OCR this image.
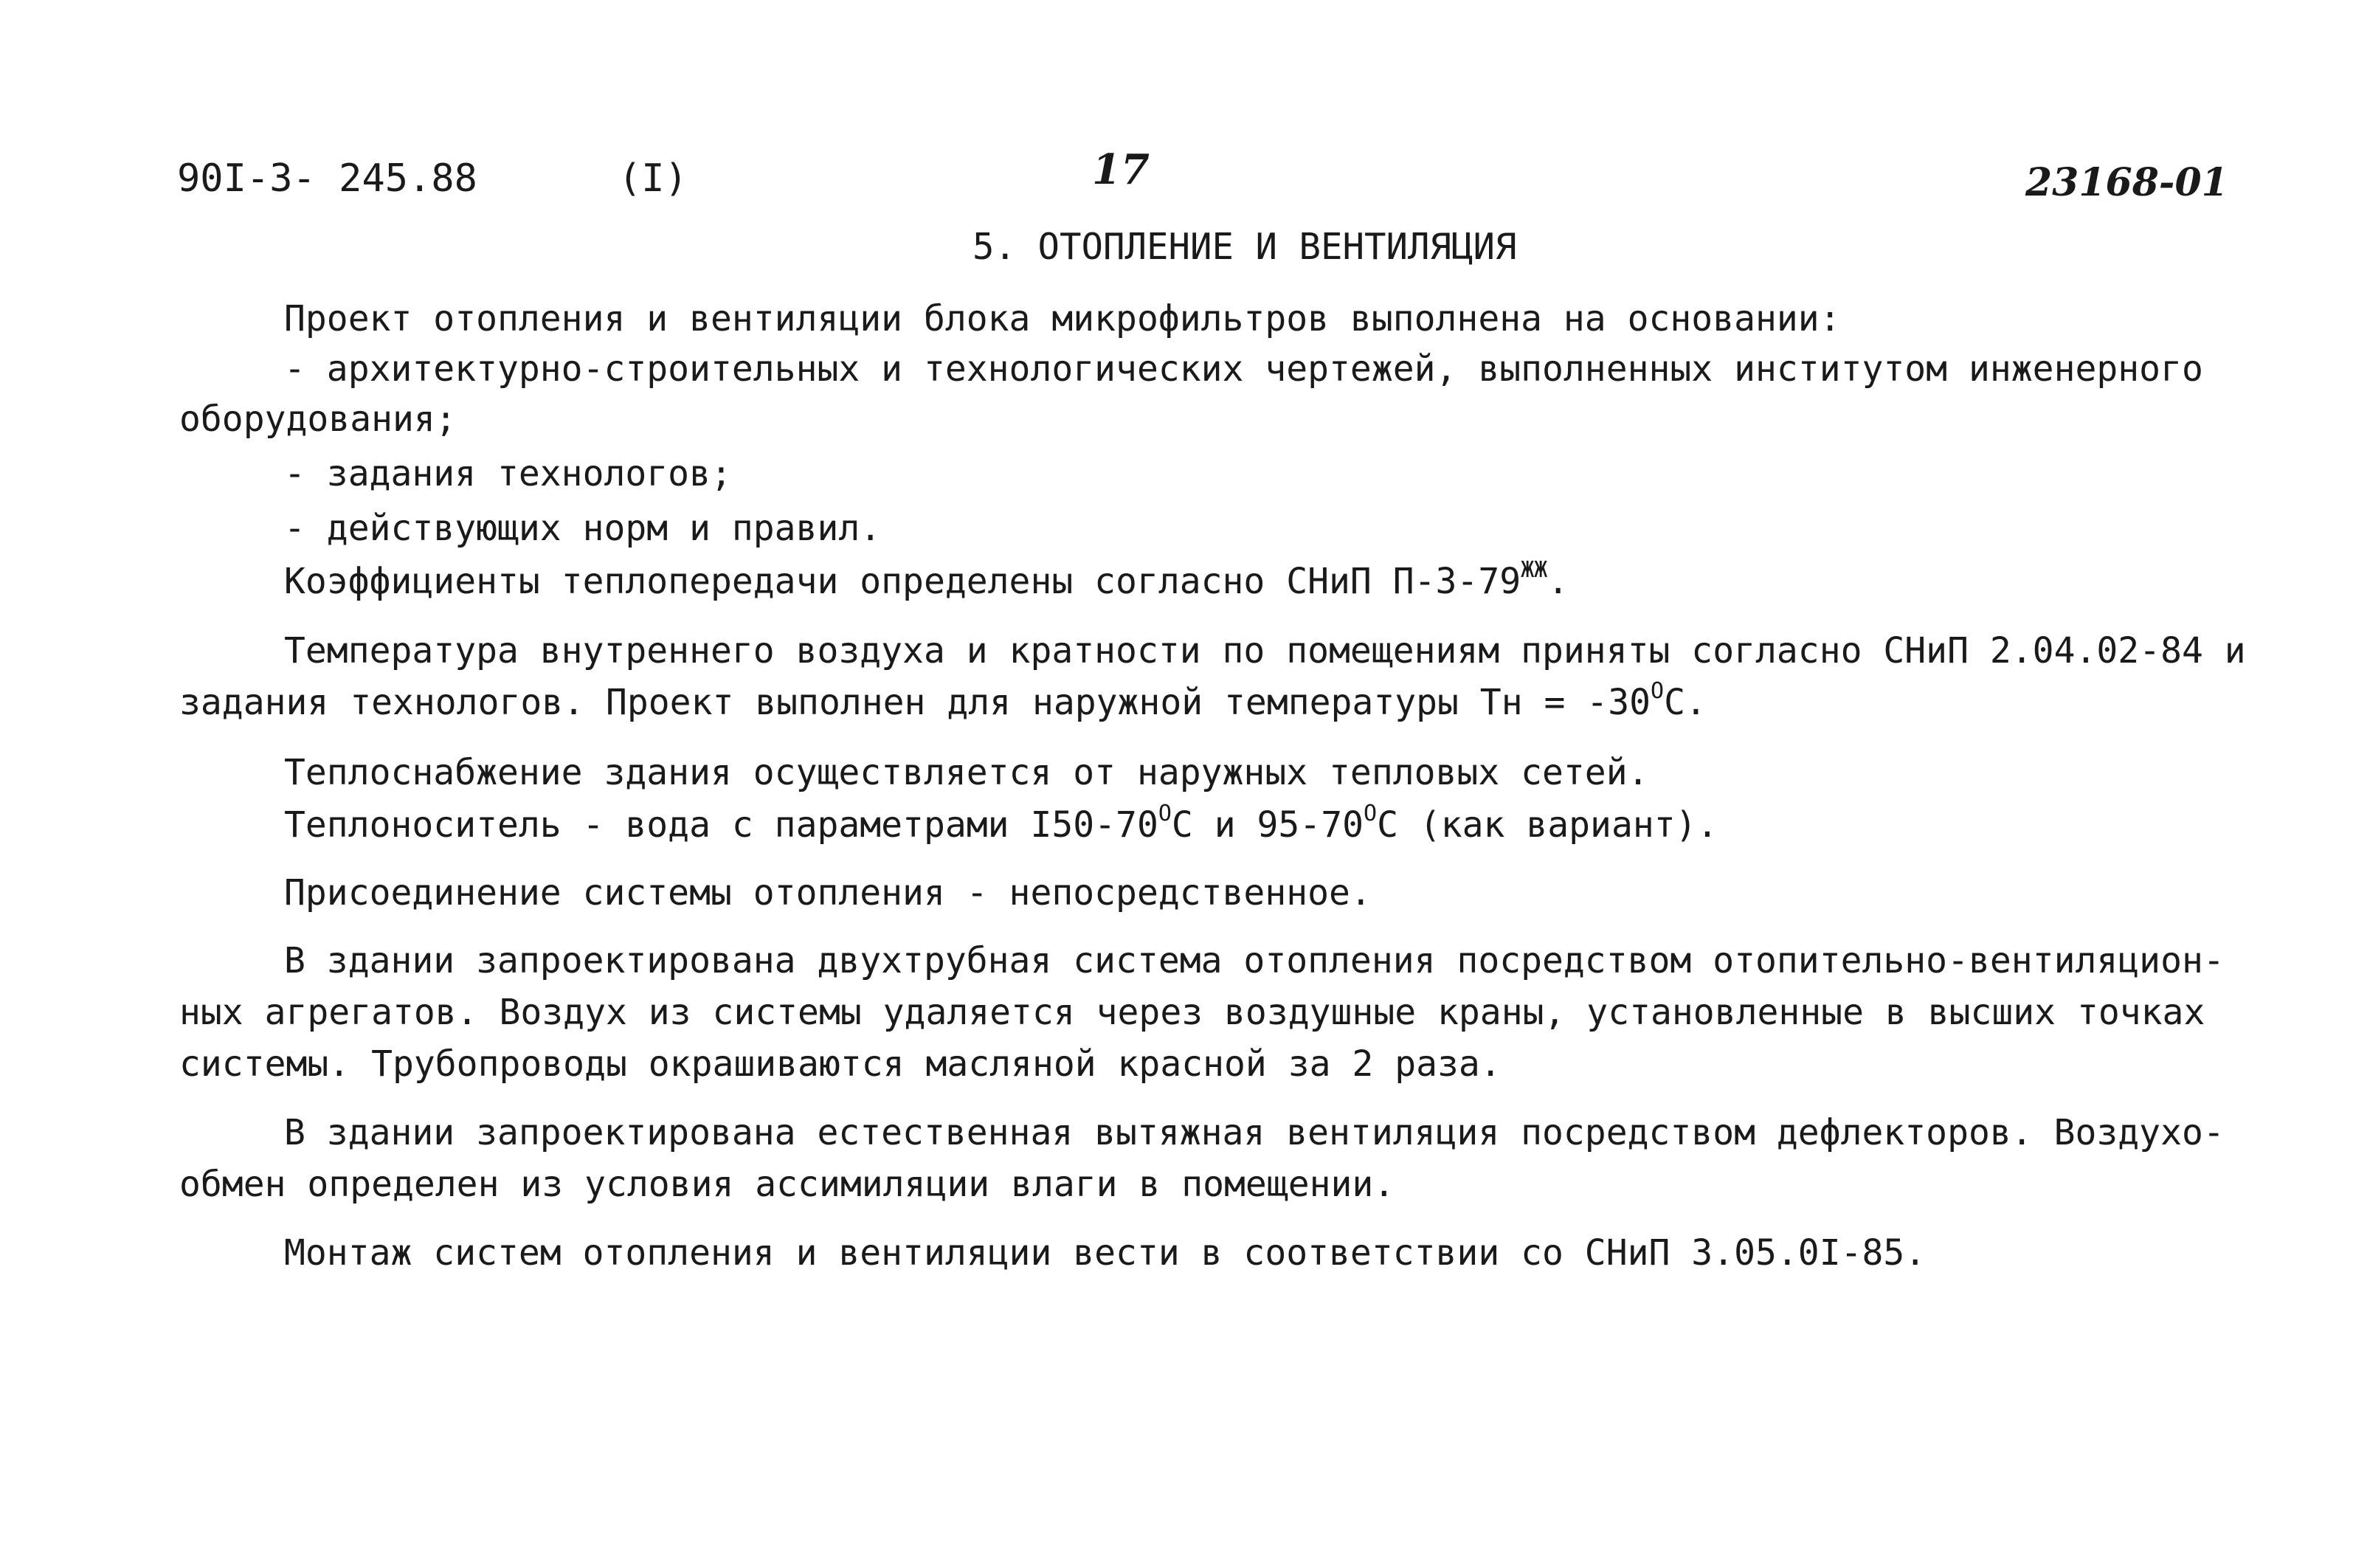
90I-3- 245.88	(I)	17	23168-01
5. ОТОПЛЕНИЕ И ВЕНТИЛЯЦИЯ
Проект отопления и вентиляции блока микрофильтров выполнена на основании:
- архитектурно-строительных и технологических чертежей, выполненных институтом инженерного
оборудования;
- задания технологов;
- действующих норм и правил.
Коэффициенты теплопередачи определены согласно СНиП $П-3-79^{ЖЖ}$.
Температура внутреннего воздуха и кратности по помещениям приняты согласно СНиП 2.04.02-84 и
задания технологов. Проект выполнен для наружной температуры Тн = $-30^ОС$.
Теплоснабжение здания осуществляется от наружных тепловых сетей.
Теплоноситель - вода с параметрами $I50-70^ОС$ и $95-70^ОС$ (как вариант).
Присоединение системы отопления - непосредственное.
В здании запроектирована двухтрубная система отопления посредством отопительно-вентиляцион-
ных агрегатов. Воздух из системы удаляется через воздушные краны, установленные в высших точках
системы. Трубопроводы окрашиваются масляной красной за 2 раза.
В здании запроектирована естественная вытяжная вентиляция посредством дефлекторов. Воздухо-
обмен определен из условия ассимиляции влаги в помещении.
Монтаж систем отопления и вентиляции вести в соответствии со СНиП 3.05.0I-85.
